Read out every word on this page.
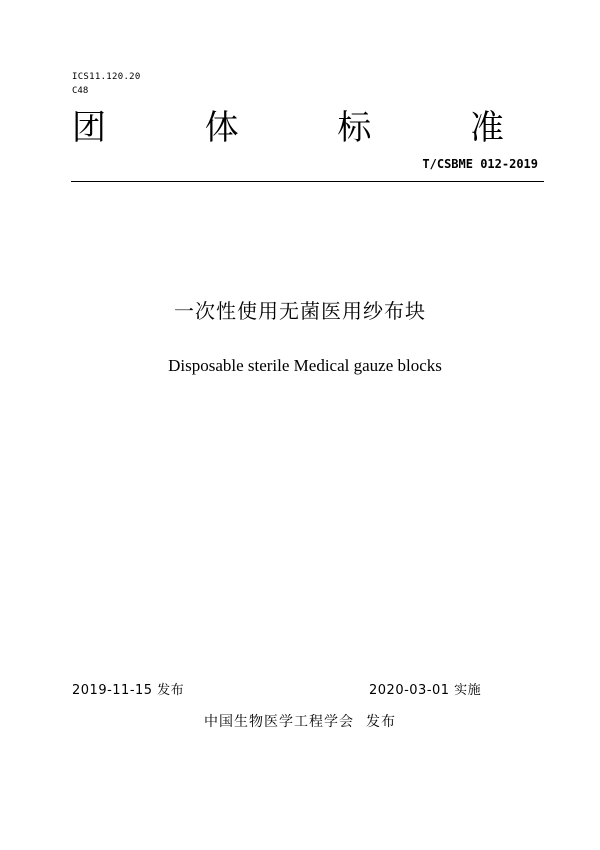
ICS11.120.20
C48
团	体	标	准
T/CSBME 012-2019
一次性使用无菌医用纱布块
Disposable sterile Medical gauze blocks
2019-11-15 发布	2020-03-01 实施
中国生物医学工程学会 发布
